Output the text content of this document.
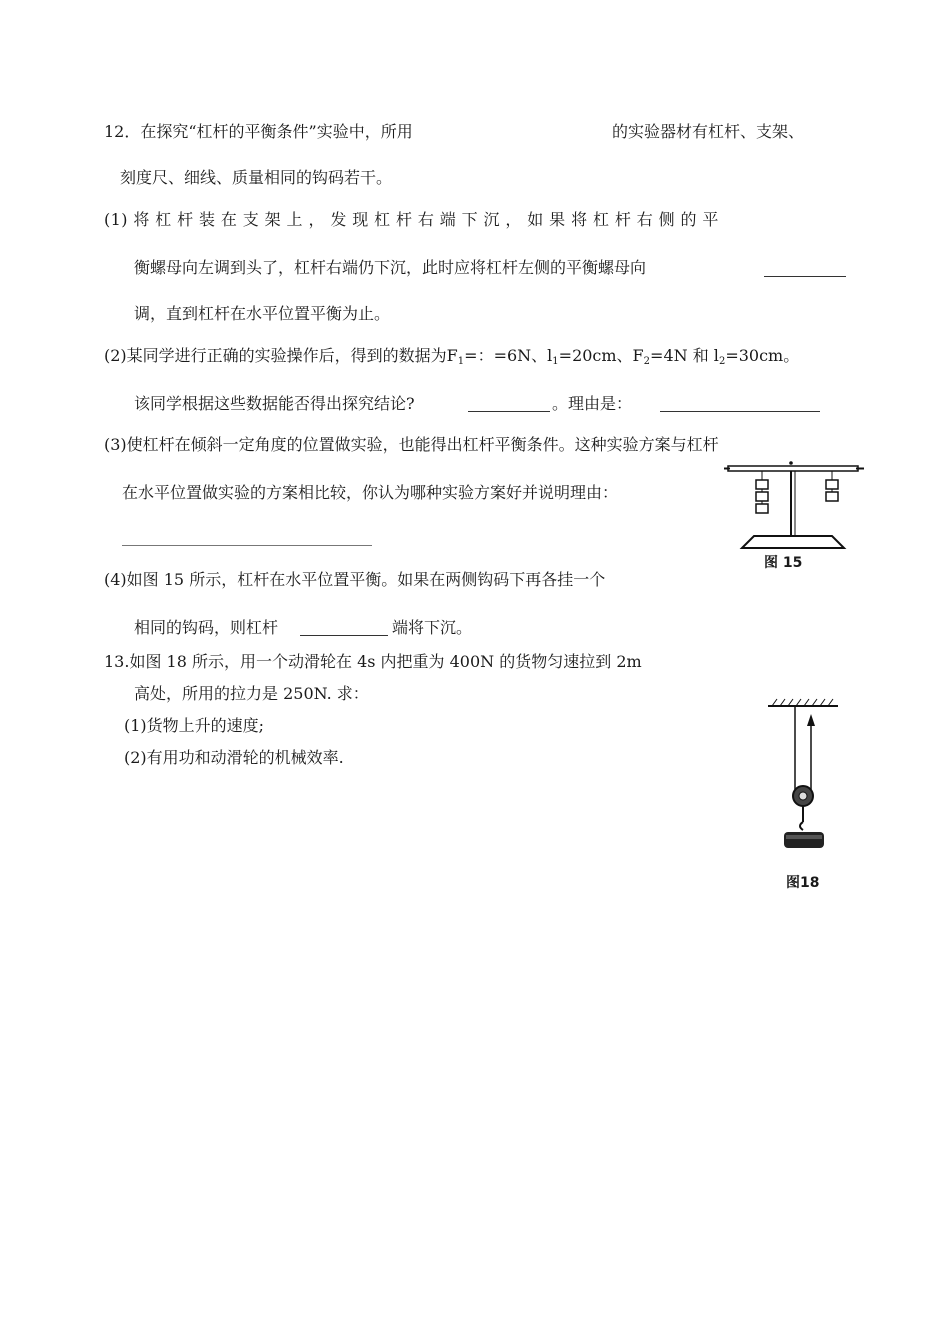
12．在探究“杠杆的平衡条件”实验中，所用	的实验器材有杠杆、支架、
刻度尺、细线、质量相同的钩码若干。
(1) 将 杠 杆 装 在 支 架 上 ， 发 现 杠 杆 右 端 下 沉 ， 如 果 将 杠 杆 右 侧 的 平
衡螺母向左调到头了，杠杆右端仍下沉，此时应将杠杆左侧的平衡螺母向
调，直到杠杆在水平位置平衡为止。
(2)某同学进行正确的实验操作后，得到的数据为$F_1=$：=6N、$l_1=20cm$、$F_2=4N$ 和 $l_2=30cm$。
该同学根据这些数据能否得出探究结论?	。理由是：
(3)使杠杆在倾斜一定角度的位置做实验，也能得出杠杆平衡条件。这种实验方案与杠杆
在水平位置做实验的方案相比较，你认为哪种实验方案好并说明理由：
(4)如图 15 所示，杠杆在水平位置平衡。如果在两侧钩码下再各挂一个
相同的钩码，则杠杆	端将下沉。
图 15
13.如图 18 所示，用一个动滑轮在 4s 内把重为 400N 的货物匀速拉到 2m
高处，所用的拉力是 250N. 求：
(1)货物上升的速度;
(2)有用功和动滑轮的机械效率.
图18
